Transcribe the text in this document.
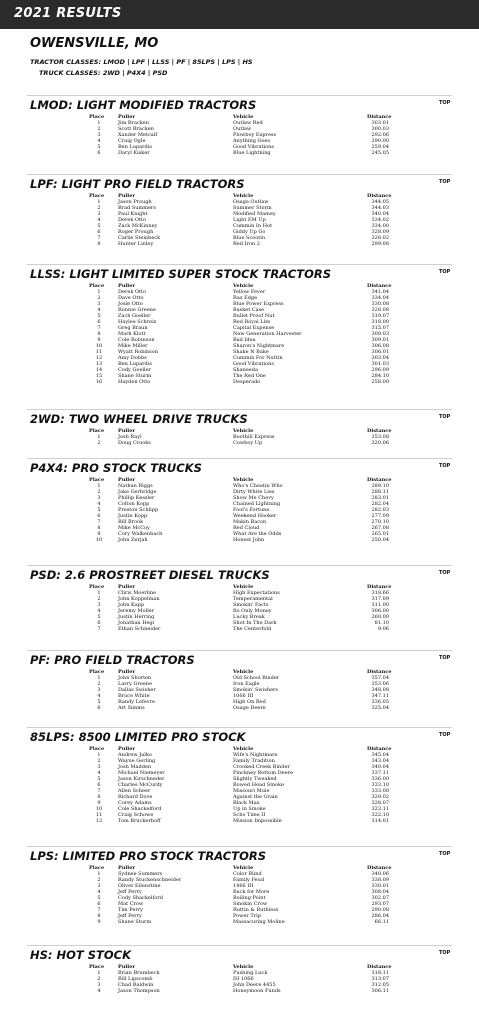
2021 RESULTS
OWENSVILLE, MO
TRACTOR CLASSES: LMOD | LPF | LLSS | PF | 85LPS | LPS | HS
TRUCK CLASSES: 2WD | P4X4 | PSD
LMOD: LIGHT MODIFIED TRACTORS	TOP
Place	Puller	Vehicle	Distance
1	Jim Bracken	Outlaw Red	303.01
2	Scott Bracken	Outlaw	300.03
3	Xander Metcalf	Plowboy Express	292.06
4	Craig Ogle	Anything Goes	290.00
5	Ben Lupardis	Good Vibrations	259.04
6	Daryl Kisker	Blue Lightning	245.05
LPF: LIGHT PRO FIELD TRACTORS	TOP
Place	Puller	Vehicle	Distance
1	Jason Prough	Osage Outlaw	344.05
2	Brad Summers	Summer Storm	344.03
3	Paul Knight	Modified Mamey	340.04
4	Derek Otto	Light EM Up	334.02
5	Zack McKinney	Cummin In Hot	334.00
6	Roger Prough	Giddy Up Go	328.09
7	Carlie Steinbeck	Blue Scootin	328.02
8	Hunter Linley	Red Iron 2	299.08
LLSS: LIGHT LIMITED SUPER STOCK TRACTORS	TOP
Place	Puller	Vehicle	Distance
1	Derek Otto	Yellow Fever	341.04
2	Dave Otto	Raz Edge	334.04
3	Josie Otto	Blue Power Express	330.08
4	Ronnie Greene	Basket Case	328.08
5	Zach Goeller	Bullet Proof Nut	319.07
6	Haylee Schreiz	Red Royal Lite	318.00
7	Greg Braun	Capital Expense	315.07
8	Mark Klott	New Generation Harvester	309.03
9	Cole Robinson	Bad Idea	309.01
10	Mike Miller	Sharon's Nightmare	306.08
11	Wyatt Robinson	Shake N Bake	306.01
12	Amy Dobbs	Cummin For Nuttin	303.04
13	Ben Lupardis	Good Vibrations	301.03
14	Cody Goeller	Shaneeda	296.09
15	Shane Sturm	The Red One	284.10
16	Hayden Otto	Desperado	258.00
2WD: TWO WHEEL DRIVE TRUCKS	TOP
Place	Puller	Vehicle	Distance
1	Josh Rayl	Boothill Express	353.08
2	Doug Crooks	Cowboy Up	320.06
P4X4: PRO STOCK TRUCKS	TOP
Place	Puller	Vehicle	Distance
1	Nathan Riggs	Who's Cheatin Who	289.10
2	Jake Gerbridge	Dirty White Lies	288.11
3	Phillip Kessler	Show Me Chevy	283.01
4	Colton Kopp	Chained Lightning	282.04
5	Preston Schlipp	Fool's Fortune	282.03
6	Justin Kopp	Weekend Hooker	277.09
7	Bill Brook	Makin Bacon	270.10
8	Mike McCoy	Red Cloud	267.08
9	Cory Walkenbach	What Are the Odds	265.01
10	John Zerjah	Honest John	250.04
PSD: 2.6 PROSTREET DIESEL TRUCKS	TOP
Place	Puller	Vehicle	Distance
1	Chris Moerline	High Expectations	318.66
2	John Koppelman	Temperamental	317.09
3	John Kapp	Smokin' Facts	311.00
4	Jeremy Moller	Its Only Money	306.00
5	Justin Herring	Lucky Break	260.00
6	Jonathan Hegi	Shot In The Dark	81.10
7	Ethan Schneider	The Centerfold	9.06
PF: PRO FIELD TRACTORS	TOP
Place	Puller	Vehicle	Distance
1	John Shorten	Old School Binder	357.04
2	Larry Greene	Iron Eagle	353.06
3	Dallas Swisher	Smokin' Swishers	348.08
4	Bruce White	1066 III	347.11
5	Randy Lefevre	High On Red	336.05
6	Art Simms	Osage Deere	325.04
85LPS: 8500 LIMITED PRO STOCK	TOP
Place	Puller	Vehicle	Distance
1	Andrew Jalko	Wife's Nightmare	345.04
2	Wayne Gerling	Family Tradition	343.04
3	Josh Madden	Crooked Creek Binder	340.04
4	Michael Niemeyer	Pinckney Bottom Deere	337.11
5	Jason Kirschneder	Slightly Tweaked	336.00
6	Charles McCurdy	Bowed Head Smoke	333.10
7	Allen Scheer	Missouri Mule	333.08
8	Richard Dove	Against the Grain	329.02
9	Corey Adams	Black Max	328.07
10	Cole Shackelford	Up in Smoke	323.11
11	Craig Schowe	Scho Time II	322.10
12	Tom Bruckerhoff	Mission Impossible	314.01
LPS: LIMITED PRO STOCK TRACTORS	TOP
Place	Puller	Vehicle	Distance
1	Sydnee Summers	Color Blind	340.06
2	Randy Stuckenschneider	Family Feud	338.09
3	Oliver Eilenstine	1466 III	330.01
4	Jeff Perry	Back for More	308.04
5	Cody Shackelford	Boiling Point	302.07
6	Mat Crow	Smokin Crow	293.07
7	Tim Perry	Ruttin & Ruthless	290.08
8	Jeff Perry	Power Trip	286.04
9	Shane Sturm	Massacuring Moline	66.11
HS: HOT STOCK	TOP
Place	Puller	Vehicle	Distance
1	Brian Brumbeck	Pushing Luck	318.11
2	Bill Lipscomb	IH 1066	313.07
3	Chad Baldwin	John Deere 4455	312.05
4	Jason Thompson	Honeymoon Funds	306.11
